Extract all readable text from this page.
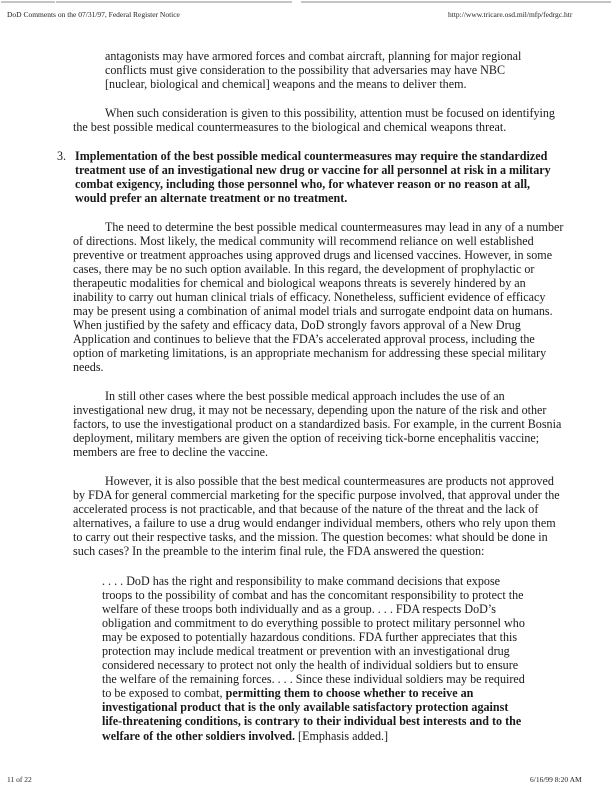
DoD Comments on the 07/31/97, Federal Register Notice	http://www.tricare.osd.mil/mfp/fedrgc.htr
antagonists may have armored forces and combat aircraft, planning for major regional
conflicts must give consideration to the possibility that adversaries may have NBC
[nuclear, biological and chemical] weapons and the means to deliver them.
When such consideration is given to this possibility, attention must be focused on identifying
the best possible medical countermeasures to the biological and chemical weapons threat.
3. Implementation of the best possible medical countermeasures may require the standardized
treatment use of an investigational new drug or vaccine for all personnel at risk in a military
combat exigency, including those personnel who, for whatever reason or no reason at all,
would prefer an alternate treatment or no treatment.
The need to determine the best possible medical countermeasures may lead in any of a number
of directions. Most likely, the medical community will recommend reliance on well established
preventive or treatment approaches using approved drugs and licensed vaccines. However, in some
cases, there may be no such option available. In this regard, the development of prophylactic or
therapeutic modalities for chemical and biological weapons threats is severely hindered by an
inability to carry out human clinical trials of efficacy. Nonetheless, sufficient evidence of efficacy
may be present using a combination of animal model trials and surrogate endpoint data on humans.
When justified by the safety and efficacy data, DoD strongly favors approval of a New Drug
Application and continues to believe that the FDA’s accelerated approval process, including the
option of marketing limitations, is an appropriate mechanism for addressing these special military
needs.
In still other cases where the best possible medical approach includes the use of an
investigational new drug, it may not be necessary, depending upon the nature of the risk and other
factors, to use the investigational product on a standardized basis. For example, in the current Bosnia
deployment, military members are given the option of receiving tick-borne encephalitis vaccine;
members are free to decline the vaccine.
However, it is also possible that the best medical countermeasures are products not approved
by FDA for general commercial marketing for the specific purpose involved, that approval under the
accelerated process is not practicable, and that because of the nature of the threat and the lack of
alternatives, a failure to use a drug would endanger individual members, others who rely upon them
to carry out their respective tasks, and the mission. The question becomes: what should be done in
such cases? In the preamble to the interim final rule, the FDA answered the question:
. . . . DoD has the right and responsibility to make command decisions that expose
troops to the possibility of combat and has the concomitant responsibility to protect the
welfare of these troops both individually and as a group. . . . FDA respects DoD’s
obligation and commitment to do everything possible to protect military personnel who
may be exposed to potentially hazardous conditions. FDA further appreciates that this
protection may include medical treatment or prevention with an investigational drug
considered necessary to protect not only the health of individual soldiers but to ensure
the welfare of the remaining forces. . . . Since these individual soldiers may be required
to be exposed to combat, permitting them to choose whether to receive an
investigational product that is the only available satisfactory protection against
life-threatening conditions, is contrary to their individual best interests and to the
welfare of the other soldiers involved. [Emphasis added.]
11 of 22	6/16/99 8:20 AM
